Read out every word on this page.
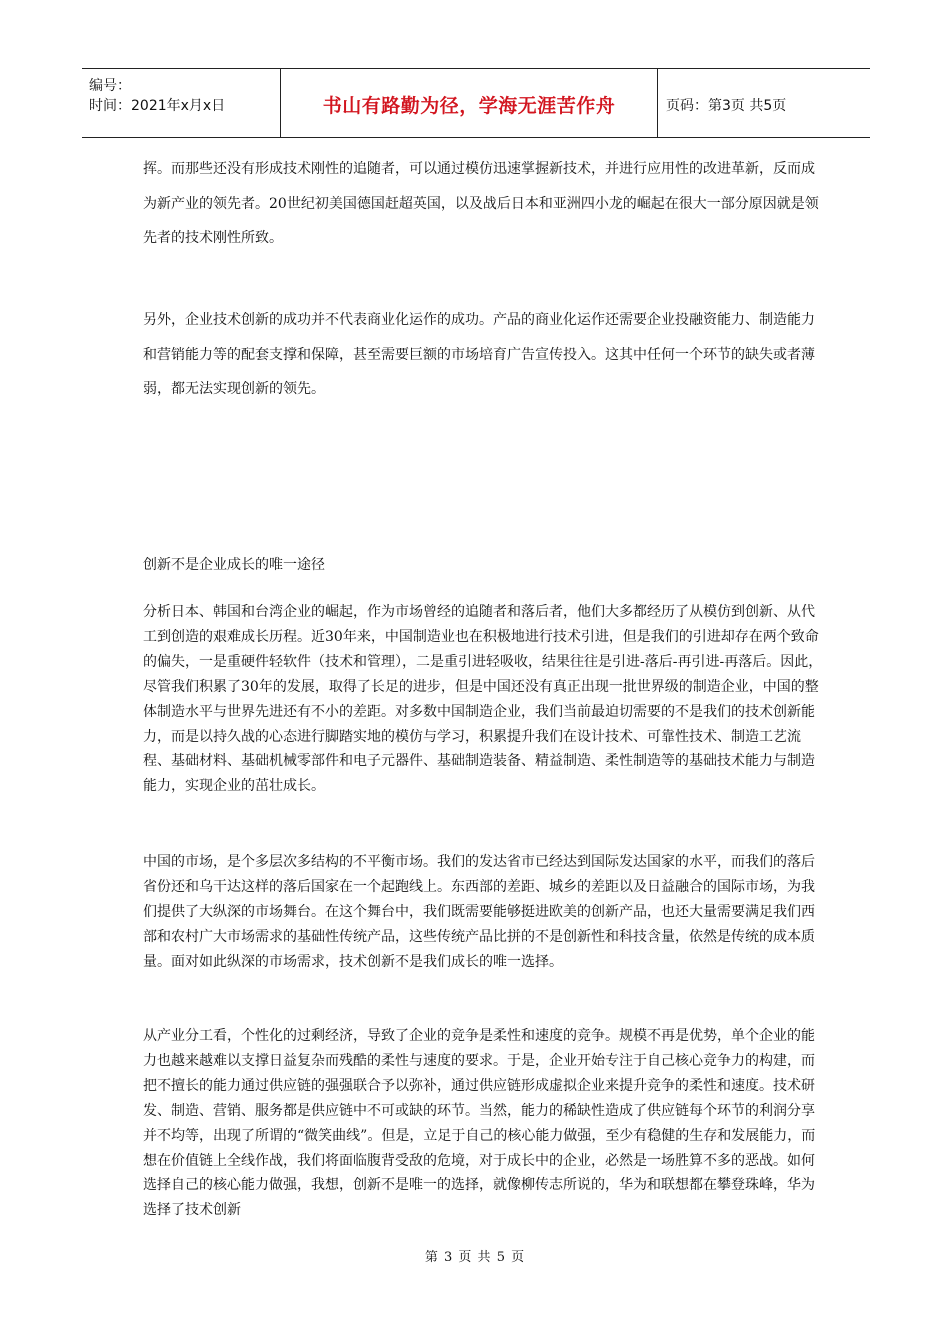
编号：
时间：2021年x月x日	书山有路勤为径，学海无涯苦作舟	页码：第3页 共5页

挥。而那些还没有形成技术刚性的追随者，可以通过模仿迅速掌握新技术，并进行应用性的改进革新，反而成为新产业的领先者。20世纪初美国德国赶超英国，以及战后日本和亚洲四小龙的崛起在很大一部分原因就是领先者的技术刚性所致。

另外，企业技术创新的成功并不代表商业化运作的成功。产品的商业化运作还需要企业投融资能力、制造能力和营销能力等的配套支撑和保障，甚至需要巨额的市场培育广告宣传投入。这其中任何一个环节的缺失或者薄弱，都无法实现创新的领先。

创新不是企业成长的唯一途径

分析日本、韩国和台湾企业的崛起，作为市场曾经的追随者和落后者，他们大多都经历了从模仿到创新、从代工到创造的艰难成长历程。近30年来，中国制造业也在积极地进行技术引进，但是我们的引进却存在两个致命的偏失，一是重硬件轻软件（技术和管理），二是重引进轻吸收，结果往往是引进-落后-再引进-再落后。因此，尽管我们积累了30年的发展，取得了长足的进步，但是中国还没有真正出现一批世界级的制造企业，中国的整体制造水平与世界先进还有不小的差距。对多数中国制造企业，我们当前最迫切需要的不是我们的技术创新能力，而是以持久战的心态进行脚踏实地的模仿与学习，积累提升我们在设计技术、可靠性技术、制造工艺流程、基础材料、基础机械零部件和电子元器件、基础制造装备、精益制造、柔性制造等的基础技术能力与制造能力，实现企业的茁壮成长。

中国的市场，是个多层次多结构的不平衡市场。我们的发达省市已经达到国际发达国家的水平，而我们的落后省份还和乌干达这样的落后国家在一个起跑线上。东西部的差距、城乡的差距以及日益融合的国际市场，为我们提供了大纵深的市场舞台。在这个舞台中，我们既需要能够挺进欧美的创新产品，也还大量需要满足我们西部和农村广大市场需求的基础性传统产品，这些传统产品比拼的不是创新性和科技含量，依然是传统的成本质量。面对如此纵深的市场需求，技术创新不是我们成长的唯一选择。

从产业分工看，个性化的过剩经济，导致了企业的竞争是柔性和速度的竞争。规模不再是优势，单个企业的能力也越来越难以支撑日益复杂而残酷的柔性与速度的要求。于是，企业开始专注于自己核心竞争力的构建，而把不擅长的能力通过供应链的强强联合予以弥补，通过供应链形成虚拟企业来提升竞争的柔性和速度。技术研发、制造、营销、服务都是供应链中不可或缺的环节。当然，能力的稀缺性造成了供应链每个环节的利润分享并不均等，出现了所谓的“微笑曲线”。但是，立足于自己的核心能力做强，至少有稳健的生存和发展能力，而想在价值链上全线作战，我们将面临腹背受敌的危境，对于成长中的企业，必然是一场胜算不多的恶战。如何选择自己的核心能力做强，我想，创新不是唯一的选择，就像柳传志所说的，华为和联想都在攀登珠峰，华为选择了技术创新

第 3 页 共 5 页
